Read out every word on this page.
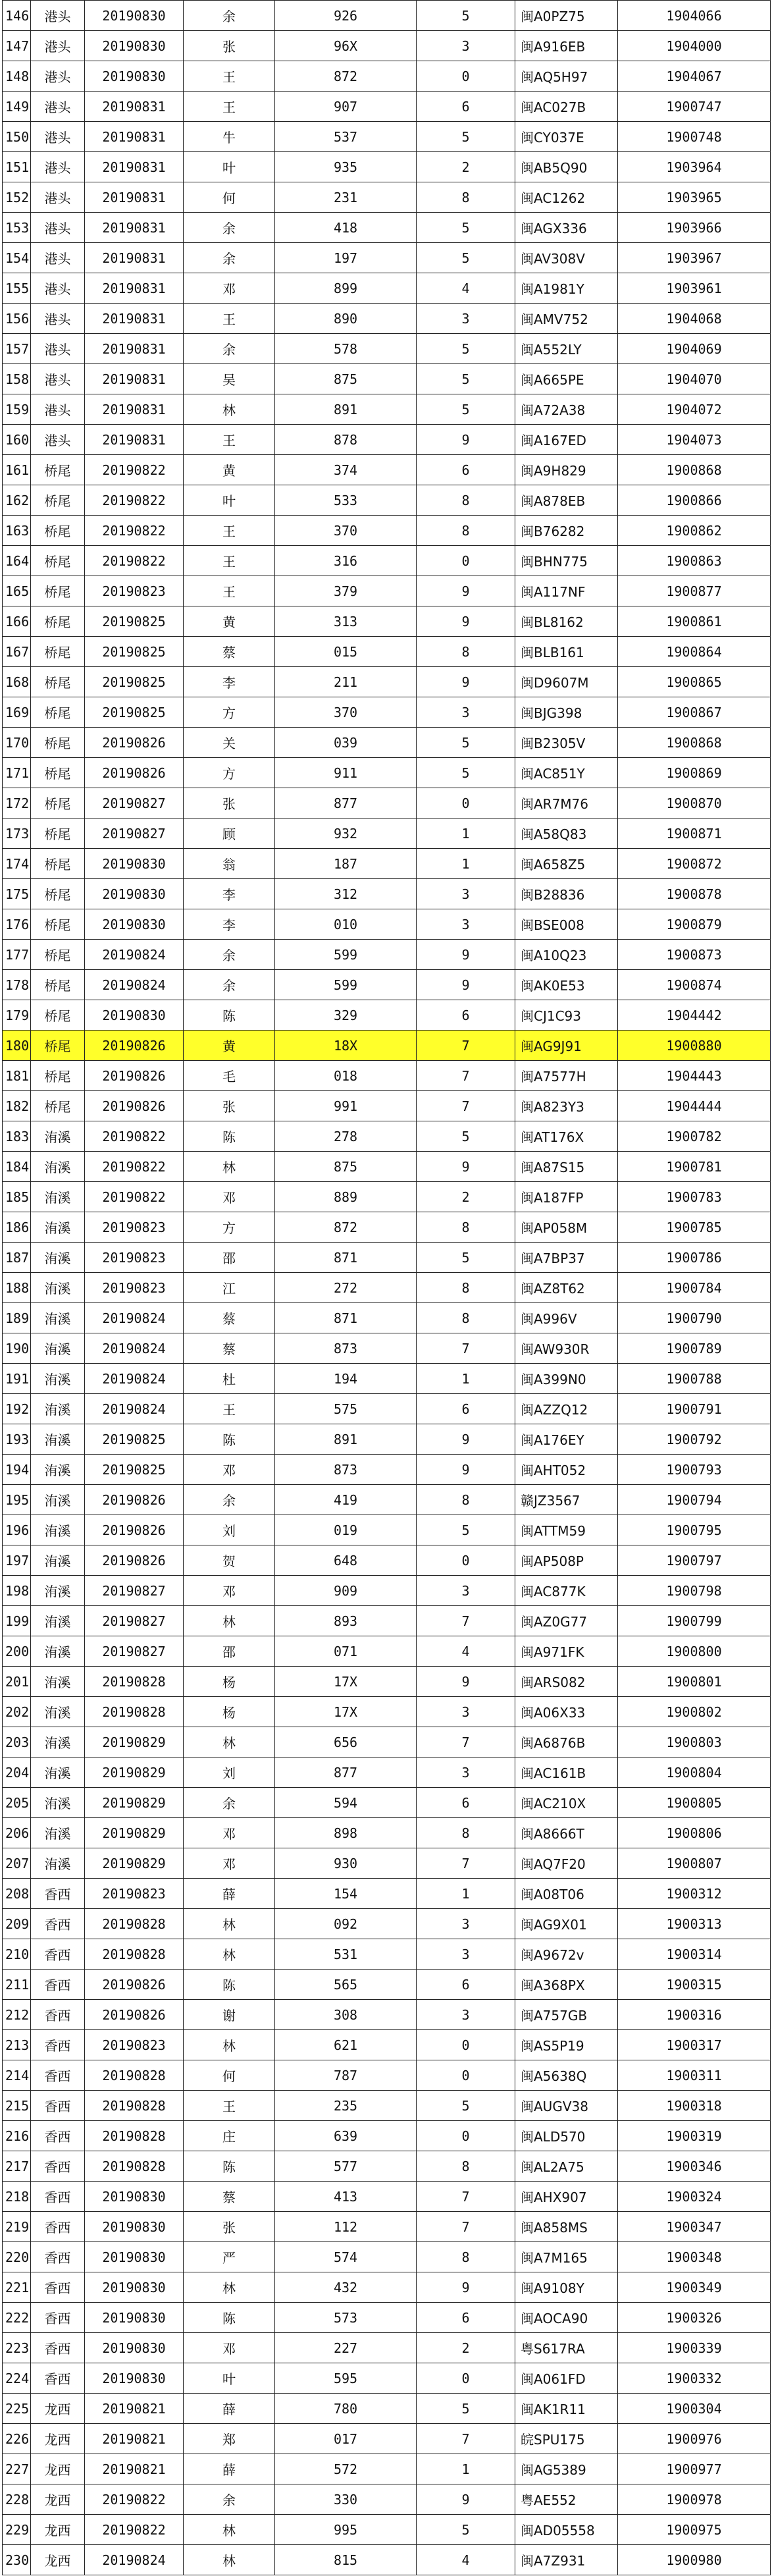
146	港头	20190830	余	926	5	闽A0PZ75	1904066
147	港头	20190830	张	96X	3	闽A916EB	1904000
148	港头	20190830	王	872	0	闽AQ5H97	1904067
149	港头	20190831	王	907	6	闽AC027B	1900747
150	港头	20190831	牛	537	5	闽CY037E	1900748
151	港头	20190831	叶	935	2	闽AB5Q90	1903964
152	港头	20190831	何	231	8	闽AC1262	1903965
153	港头	20190831	余	418	5	闽AGX336	1903966
154	港头	20190831	余	197	5	闽AV308V	1903967
155	港头	20190831	邓	899	4	闽A1981Y	1903961
156	港头	20190831	王	890	3	闽AMV752	1904068
157	港头	20190831	余	578	5	闽A552LY	1904069
158	港头	20190831	吴	875	5	闽A665PE	1904070
159	港头	20190831	林	891	5	闽A72A38	1904072
160	港头	20190831	王	878	9	闽A167ED	1904073
161	桥尾	20190822	黄	374	6	闽A9H829	1900868
162	桥尾	20190822	叶	533	8	闽A878EB	1900866
163	桥尾	20190822	王	370	8	闽B76282	1900862
164	桥尾	20190822	王	316	0	闽BHN775	1900863
165	桥尾	20190823	王	379	9	闽A117NF	1900877
166	桥尾	20190825	黄	313	9	闽BL8162	1900861
167	桥尾	20190825	蔡	015	8	闽BLB161	1900864
168	桥尾	20190825	李	211	9	闽D9607M	1900865
169	桥尾	20190825	方	370	3	闽BJG398	1900867
170	桥尾	20190826	关	039	5	闽B2305V	1900868
171	桥尾	20190826	方	911	5	闽AC851Y	1900869
172	桥尾	20190827	张	877	0	闽AR7M76	1900870
173	桥尾	20190827	顾	932	1	闽A58Q83	1900871
174	桥尾	20190830	翁	187	1	闽A658Z5	1900872
175	桥尾	20190830	李	312	3	闽B28836	1900878
176	桥尾	20190830	李	010	3	闽BSE008	1900879
177	桥尾	20190824	余	599	9	闽A10Q23	1900873
178	桥尾	20190824	余	599	9	闽AK0E53	1900874
179	桥尾	20190830	陈	329	6	闽CJ1C93	1904442
180	桥尾	20190826	黄	18X	7	闽AG9J91	1900880
181	桥尾	20190826	毛	018	7	闽A7577H	1904443
182	桥尾	20190826	张	991	7	闽A823Y3	1904444
183	洧溪	20190822	陈	278	5	闽AT176X	1900782
184	洧溪	20190822	林	875	9	闽A87S15	1900781
185	洧溪	20190822	邓	889	2	闽A187FP	1900783
186	洧溪	20190823	方	872	8	闽AP058M	1900785
187	洧溪	20190823	邵	871	5	闽A7BP37	1900786
188	洧溪	20190823	江	272	8	闽AZ8T62	1900784
189	洧溪	20190824	蔡	871	8	闽A996V	1900790
190	洧溪	20190824	蔡	873	7	闽AW930R	1900789
191	洧溪	20190824	杜	194	1	闽A399N0	1900788
192	洧溪	20190824	王	575	6	闽AZZQ12	1900791
193	洧溪	20190825	陈	891	9	闽A176EY	1900792
194	洧溪	20190825	邓	873	9	闽AHT052	1900793
195	洧溪	20190826	余	419	8	赣JZ3567	1900794
196	洧溪	20190826	刘	019	5	闽ATTM59	1900795
197	洧溪	20190826	贺	648	0	闽AP508P	1900797
198	洧溪	20190827	邓	909	3	闽AC877K	1900798
199	洧溪	20190827	林	893	7	闽AZ0G77	1900799
200	洧溪	20190827	邵	071	4	闽A971FK	1900800
201	洧溪	20190828	杨	17X	9	闽ARS082	1900801
202	洧溪	20190828	杨	17X	3	闽A06X33	1900802
203	洧溪	20190829	林	656	7	闽A6876B	1900803
204	洧溪	20190829	刘	877	3	闽AC161B	1900804
205	洧溪	20190829	余	594	6	闽AC210X	1900805
206	洧溪	20190829	邓	898	8	闽A8666T	1900806
207	洧溪	20190829	邓	930	7	闽AQ7F20	1900807
208	香西	20190823	薛	154	1	闽A08T06	1900312
209	香西	20190828	林	092	3	闽AG9X01	1900313
210	香西	20190828	林	531	3	闽A9672v	1900314
211	香西	20190826	陈	565	6	闽A368PX	1900315
212	香西	20190826	谢	308	3	闽A757GB	1900316
213	香西	20190823	林	621	0	闽AS5P19	1900317
214	香西	20190828	何	787	0	闽A5638Q	1900311
215	香西	20190828	王	235	5	闽AUGV38	1900318
216	香西	20190828	庄	639	0	闽ALD570	1900319
217	香西	20190828	陈	577	8	闽AL2A75	1900346
218	香西	20190830	蔡	413	7	闽AHX907	1900324
219	香西	20190830	张	112	7	闽A858MS	1900347
220	香西	20190830	严	574	8	闽A7M165	1900348
221	香西	20190830	林	432	9	闽A9108Y	1900349
222	香西	20190830	陈	573	6	闽AOCA90	1900326
223	香西	20190830	邓	227	2	粤S617RA	1900339
224	香西	20190830	叶	595	0	闽A061FD	1900332
225	龙西	20190821	薛	780	5	闽AK1R11	1900304
226	龙西	20190821	郑	017	7	皖SPU175	1900976
227	龙西	20190821	薛	572	1	闽AG5389	1900977
228	龙西	20190822	余	330	9	粤AE552	1900978
229	龙西	20190822	林	995	5	闽AD05558	1900975
230	龙西	20190824	林	815	4	闽A7Z931	1900980
